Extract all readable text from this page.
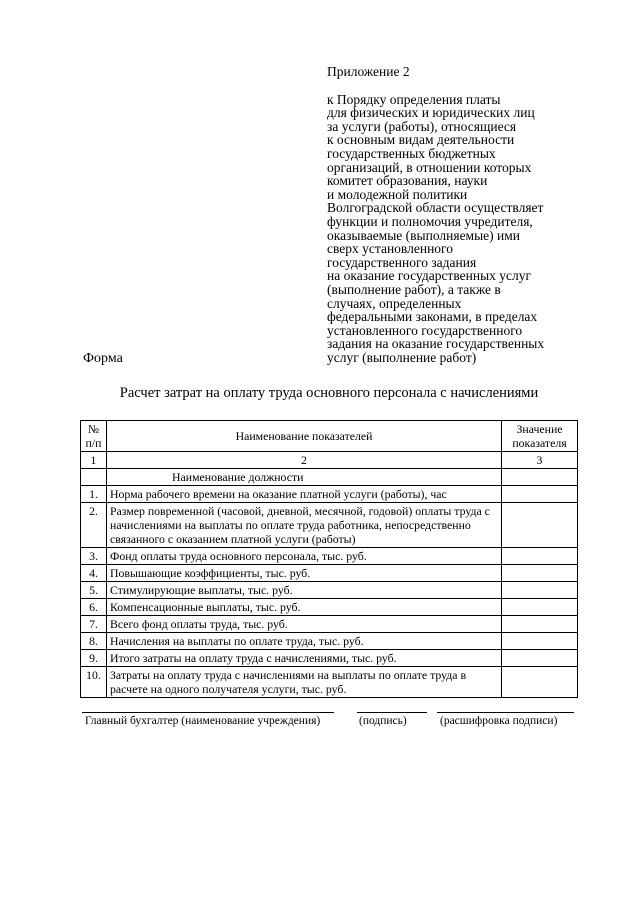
Приложение 2
к Порядку определения платы
для физических и юридических лиц
за услуги (работы), относящиеся
к основным видам деятельности
государственных бюджетных
организаций, в отношении которых
комитет образования, науки
и молодежной политики
Волгоградской области осуществляет
функции и полномочия учредителя,
оказываемые (выполняемые) ими
сверх установленного
государственного задания
на оказание государственных услуг
(выполнение работ), а также в
случаях, определенных
федеральными законами, в пределах
установленного государственного
задания на оказание государственных
услуг (выполнение работ)
Форма
Расчет затрат на оплату труда основного персонала с начислениями
№ п/п	Наименование показателей	Значение показателя
1	2	3
	Наименование должности	
1.	Норма рабочего времени на оказание платной услуги (работы), час	
2.	Размер повременной (часовой, дневной, месячной, годовой) оплаты труда с начислениями на выплаты по оплате труда работника, непосредственно связанного с оказанием платной услуги (работы)	
3.	Фонд оплаты труда основного персонала, тыс. руб.	
4.	Повышающие коэффициенты, тыс. руб.	
5.	Стимулирующие выплаты, тыс. руб.	
6.	Компенсационные выплаты, тыс. руб.	
7.	Всего фонд оплаты труда, тыс. руб.	
8.	Начисления на выплаты по оплате труда, тыс. руб.	
9.	Итого затраты на оплату труда с начислениями, тыс. руб.	
10.	Затраты на оплату труда с начислениями на выплаты по оплате труда в расчете на одного получателя услуги, тыс. руб.	
Главный бухгалтер (наименование учреждения)	(подпись)	(расшифровка подписи)
